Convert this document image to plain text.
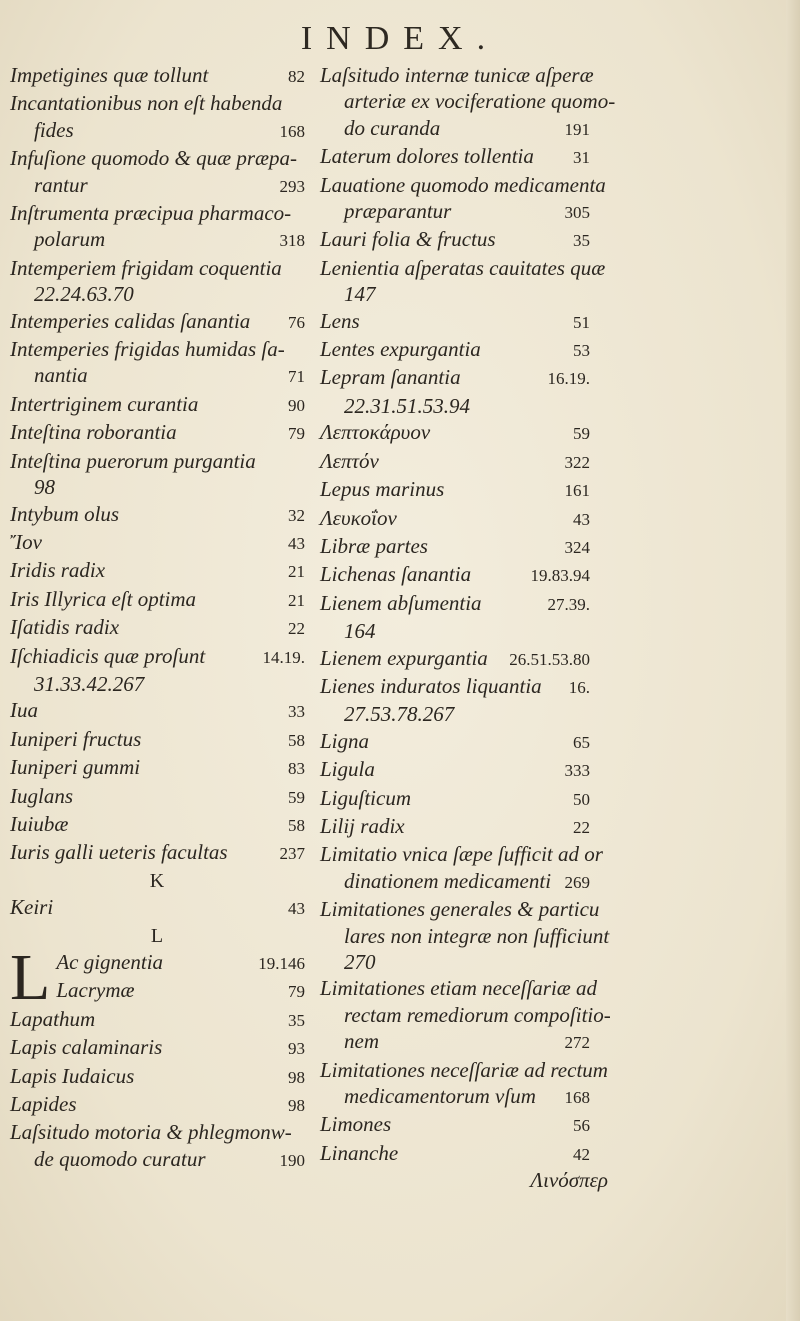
INDEX.
Impetigines quæ tollunt	82
Incantationibus non eſt habenda
fides	168
Infuſione quomodo & quæ præpa-
rantur	293
Inſtrumenta præcipua pharmaco-
polarum	318
Intemperiem frigidam coquentia
22.24.63.70
Intemperies calidas ſanantia	76
Intemperies frigidas humidas ſa-
nantia	71
Intertriginem curantia	90
Inteſtina roborantia	79
Inteſtina puerorum purgantia
98
Intybum olus	32
Ἴον	43
Iridis radix	21
Iris Illyrica eſt optima	21
Iſatidis radix	22
Iſchiadicis quæ proſunt	14.19.
31.33.42.267
Iua	33
Iuniperi fructus	58
Iuniperi gummi	83
Iuglans	59
Iuiubæ	58
Iuris galli ueteris facultas	237
K
Keiri	43
L
L Ac gignentia	19.146
Lacrymæ	79
Lapathum	35
Lapis calaminaris	93
Lapis Iudaicus	98
Lapides	98
Laſsitudo motoria & phlegmonw-
de quomodo curatur	190
Laſsitudo internæ tunicæ aſperæ
arteriæ ex vociferatione quomo-
do curanda	191
Laterum dolores tollentia	31
Lauatione quomodo medicamenta
præparantur	305
Lauri folia & fructus	35
Lenientia aſperatas cauitates quæ
147
Lens	51
Lentes expurgantia	53
Lepram ſanantia	16.19.
22.31.51.53.94
Λεπτοκάρυον	59
Λεπτόν	322
Lepus marinus	161
Λευκοΐον	43
Libræ partes	324
Lichenas ſanantia	19.83.94
Lienem abſumentia	27.39.
164
Lienem expurgantia	26.51.53.80
Lienes induratos liquantia	16.
27.53.78.267
Ligna	65
Ligula	333
Liguſticum	50
Lilij radix	22
Limitatio vnica ſæpe ſufficit ad or
dinationem medicamenti 269
Limitationes generales & particu
lares non integræ non ſufficiunt
270
Limitationes etiam neceſſariæ ad
rectam remediorum compoſitio-
nem	272
Limitationes neceſſariæ ad rectum
medicamentorum vſum	168
Limones	56
Linanche	42
Λινόσπερ
